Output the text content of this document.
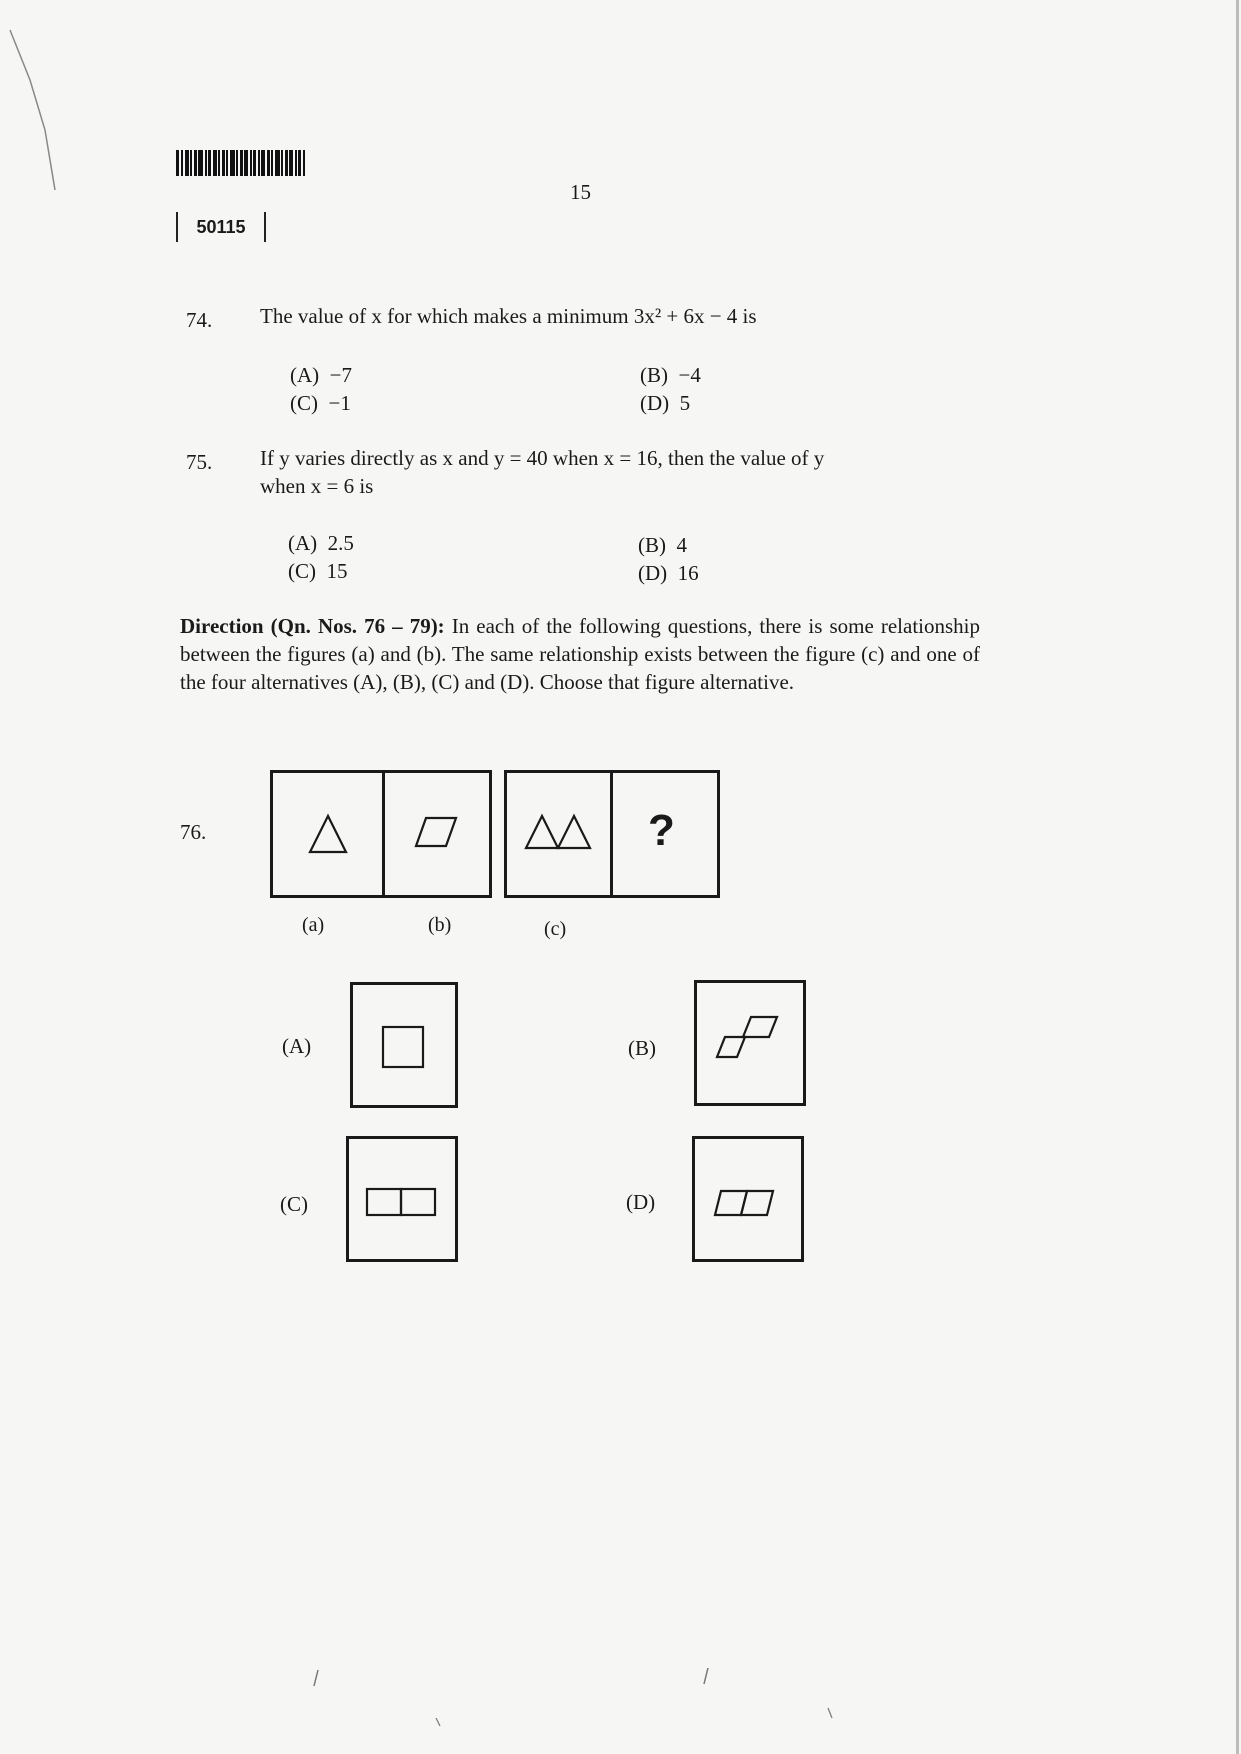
15
50115
74. The value of x for which makes a minimum 3x² + 6x − 4 is
(A) −7	(B) −4
(C) −1	(D) 5
75. If y varies directly as x and y = 40 when x = 16, then the value of y
when x = 6 is
(A) 2.5	(B) 4
(C) 15	(D) 16
Direction (Qn. Nos. 76 – 79): In each of the following questions, there is some relationship between the figures (a) and (b). The same relationship exists between the figure (c) and one of the four alternatives (A), (B), (C) and (D). Choose that figure alternative.
76.	?
(a)	(b)	(c)
(A)	(B)
(C)	(D)
